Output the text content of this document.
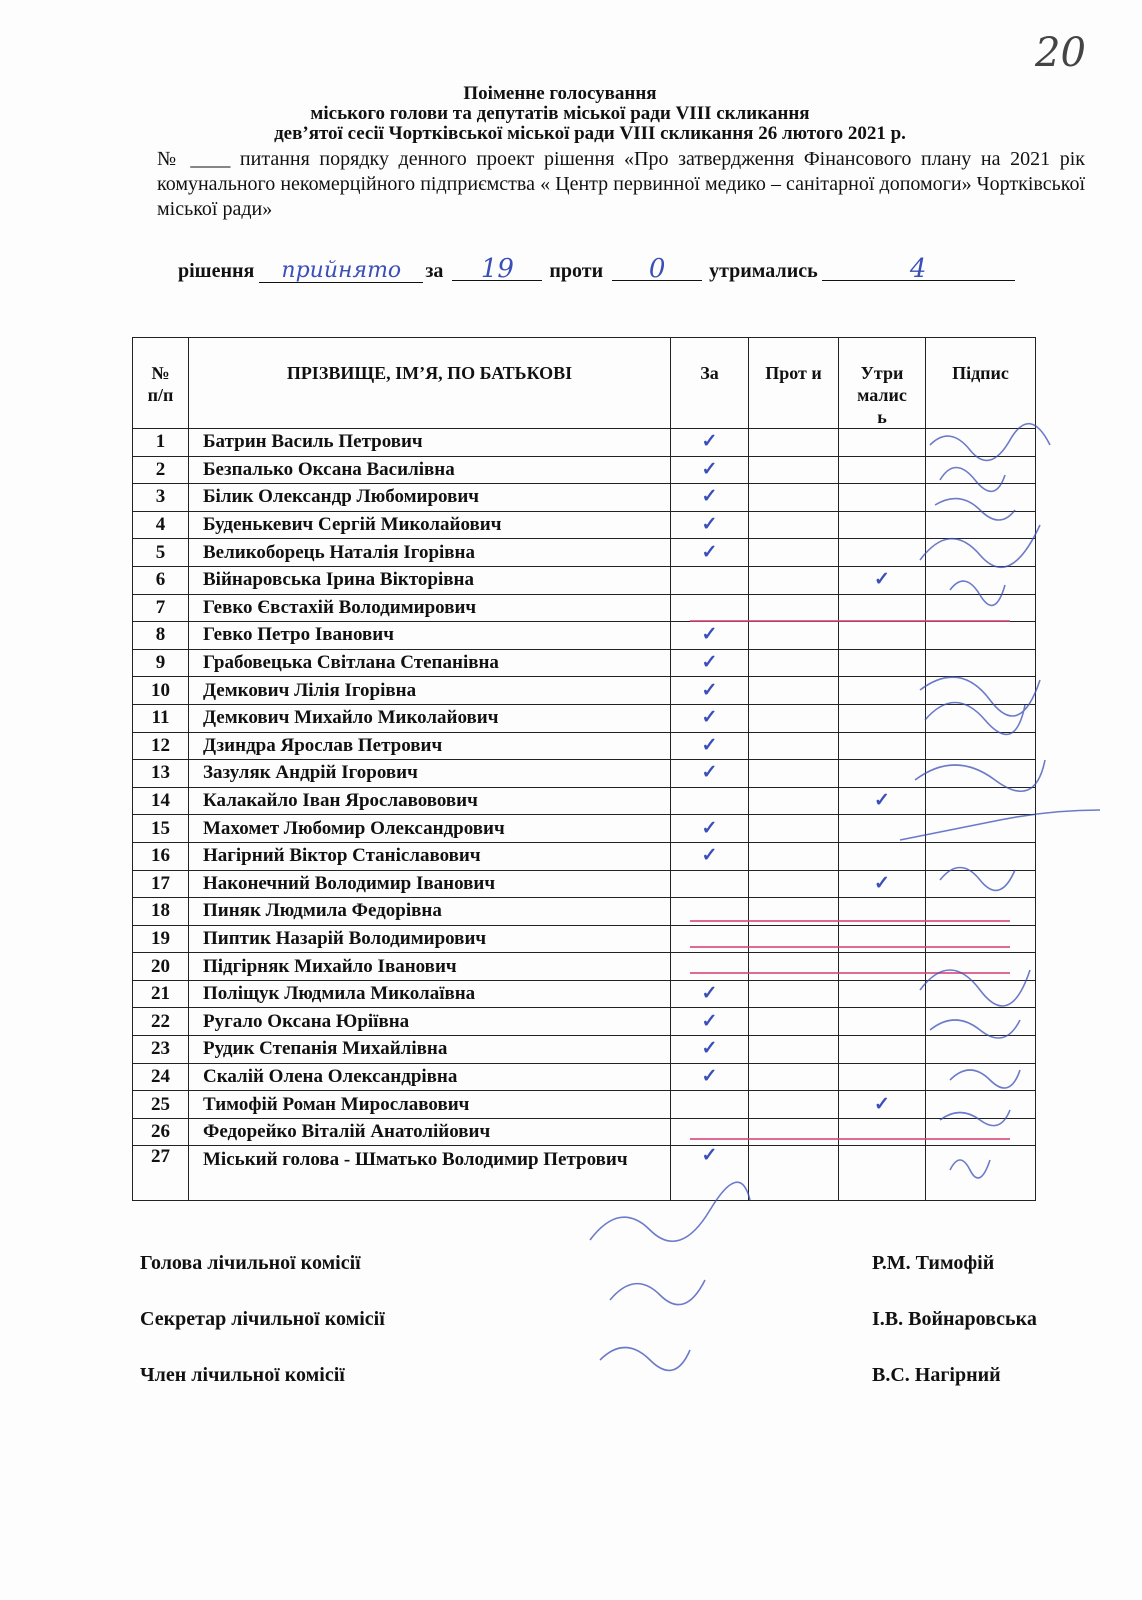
20
Поіменне голосування
міського голови та депутатів міської ради VIII скликання
дев’ятої сесії Чортківської міської ради VIII скликання 26 лютого 2021 р.
№ ____ питання порядку денного проект рішення «Про затвердження Фінансового плану на 2021 рік комунального некомерційного підприємства « Центр первинної медико – санітарної допомоги» Чортківської міської ради»
рішення прийнято за 19 проти 0 утримались	4
№ п/п	ПРІЗВИЩЕ, ІМ’Я, ПО БАТЬКОВІ	За	Прот и	Утри малис ь	Підпис
1	Батрин Василь Петрович	✓			
2	Безпалько Оксана Василівна	✓			
3	Білик Олександр Любомирович	✓			
4	Буденькевич Сергій Миколайович	✓			
5	Великоборець Наталія Ігорівна	✓			
6	Війнаровська Ірина Вікторівна			✓	
7	Гевко Євстахій Володимирович				
8	Гевко Петро Іванович	✓			
9	Грабовецька Світлана Степанівна	✓			
10	Демкович Лілія Ігорівна	✓			
11	Демкович Михайло Миколайович	✓			
12	Дзиндра Ярослав Петрович	✓			
13	Зазуляк Андрій Ігорович	✓			
14	Калакайло Іван Ярославовович			✓	
15	Махомет Любомир Олександрович	✓			
16	Нагірний Віктор Станіславович	✓			
17	Наконечний Володимир Іванович			✓	
18	Пиняк Людмила Федорівна				
19	Пиптик Назарій Володимирович				
20	Підгірняк Михайло Іванович				
21	Поліщук Людмила Миколаївна	✓			
22	Ругало Оксана Юріївна	✓			
23	Рудик Степанія Михайлівна	✓			
24	Скалій Олена Олександрівна	✓			
25	Тимофій Роман Мирославович			✓	
26	Федорейко Віталій Анатолійович				
27	Міський голова - Шматько Володимир Петрович	✓			
Голова лічильної комісії	Р.М. Тимофій
Секретар лічильної комісії	І.В. Войнаровська
Член лічильної комісії	В.С. Нагірний
